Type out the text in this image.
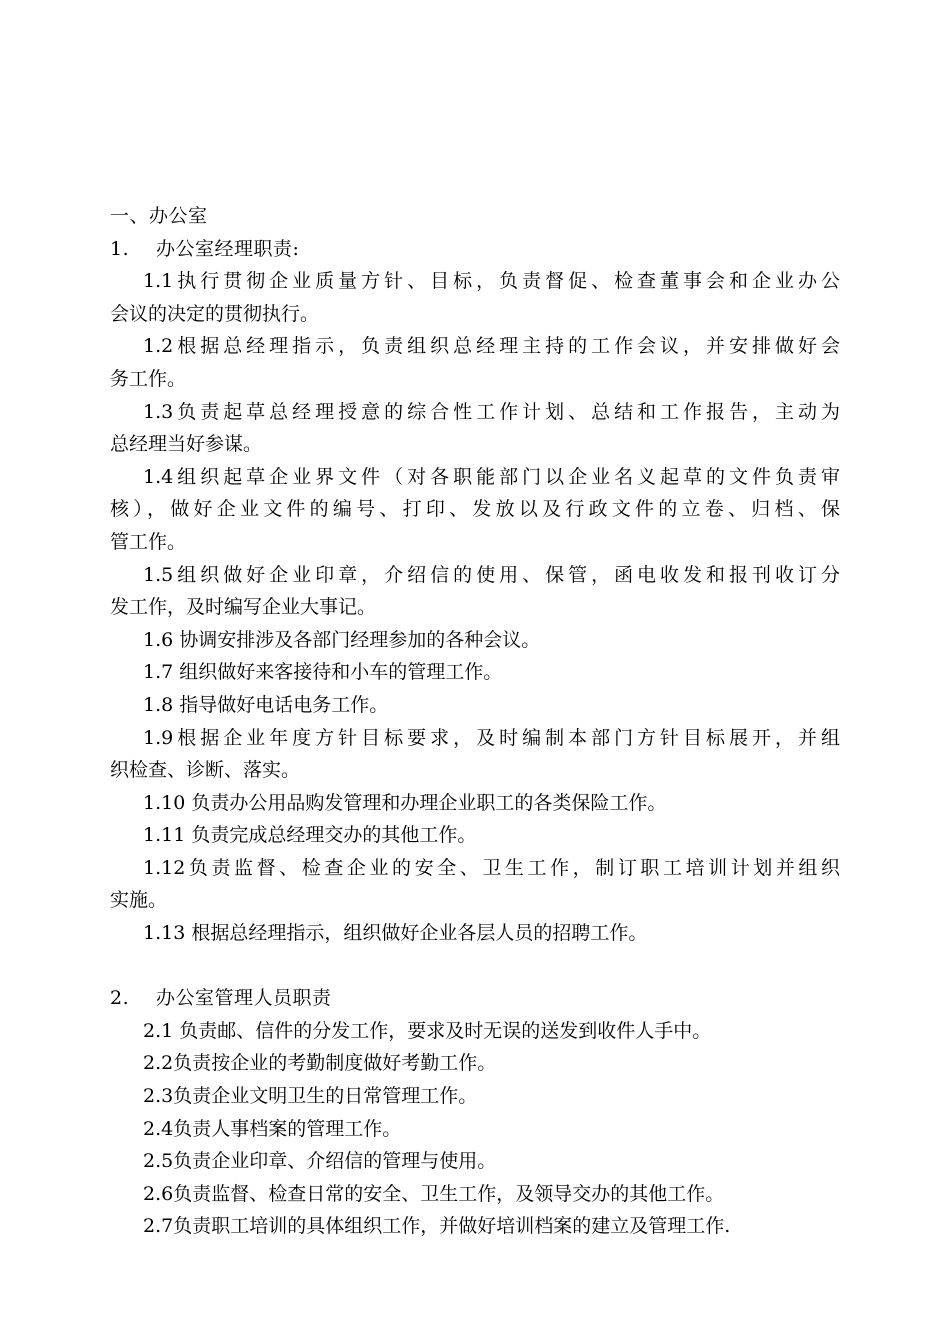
一、办公室
1. 办公室经理职责:
1.1执行贯彻企业质量方针、目标，负责督促、检查董事会和企业办公
会议的决定的贯彻执行。
1.2根据总经理指示，负责组织总经理主持的工作会议，并安排做好会
务工作。
1.3负责起草总经理授意的综合性工作计划、总结和工作报告，主动为
总经理当好参谋。
1.4组织起草企业界文件（对各职能部门以企业名义起草的文件负责审
核），做好企业文件的编号、打印、发放以及行政文件的立卷、归档、保
管工作。
1.5组织做好企业印章，介绍信的使用、保管，函电收发和报刊收订分
发工作，及时编写企业大事记。
1.6 协调安排涉及各部门经理参加的各种会议。
1.7 组织做好来客接待和小车的管理工作。
1.8 指导做好电话电务工作。
1.9根据企业年度方针目标要求，及时编制本部门方针目标展开，并组
织检查、诊断、落实。
1.10 负责办公用品购发管理和办理企业职工的各类保险工作。
1.11 负责完成总经理交办的其他工作。
1.12负责监督、检查企业的安全、卫生工作，制订职工培训计划并组织
实施。
1.13 根据总经理指示，组织做好企业各层人员的招聘工作。
2. 办公室管理人员职责
2.1 负责邮、信件的分发工作，要求及时无误的送发到收件人手中。
2.2负责按企业的考勤制度做好考勤工作。
2.3负责企业文明卫生的日常管理工作。
2.4负责人事档案的管理工作。
2.5负责企业印章、介绍信的管理与使用。
2.6负责监督、检查日常的安全、卫生工作，及领导交办的其他工作。
2.7负责职工培训的具体组织工作，并做好培训档案的建立及管理工作.
